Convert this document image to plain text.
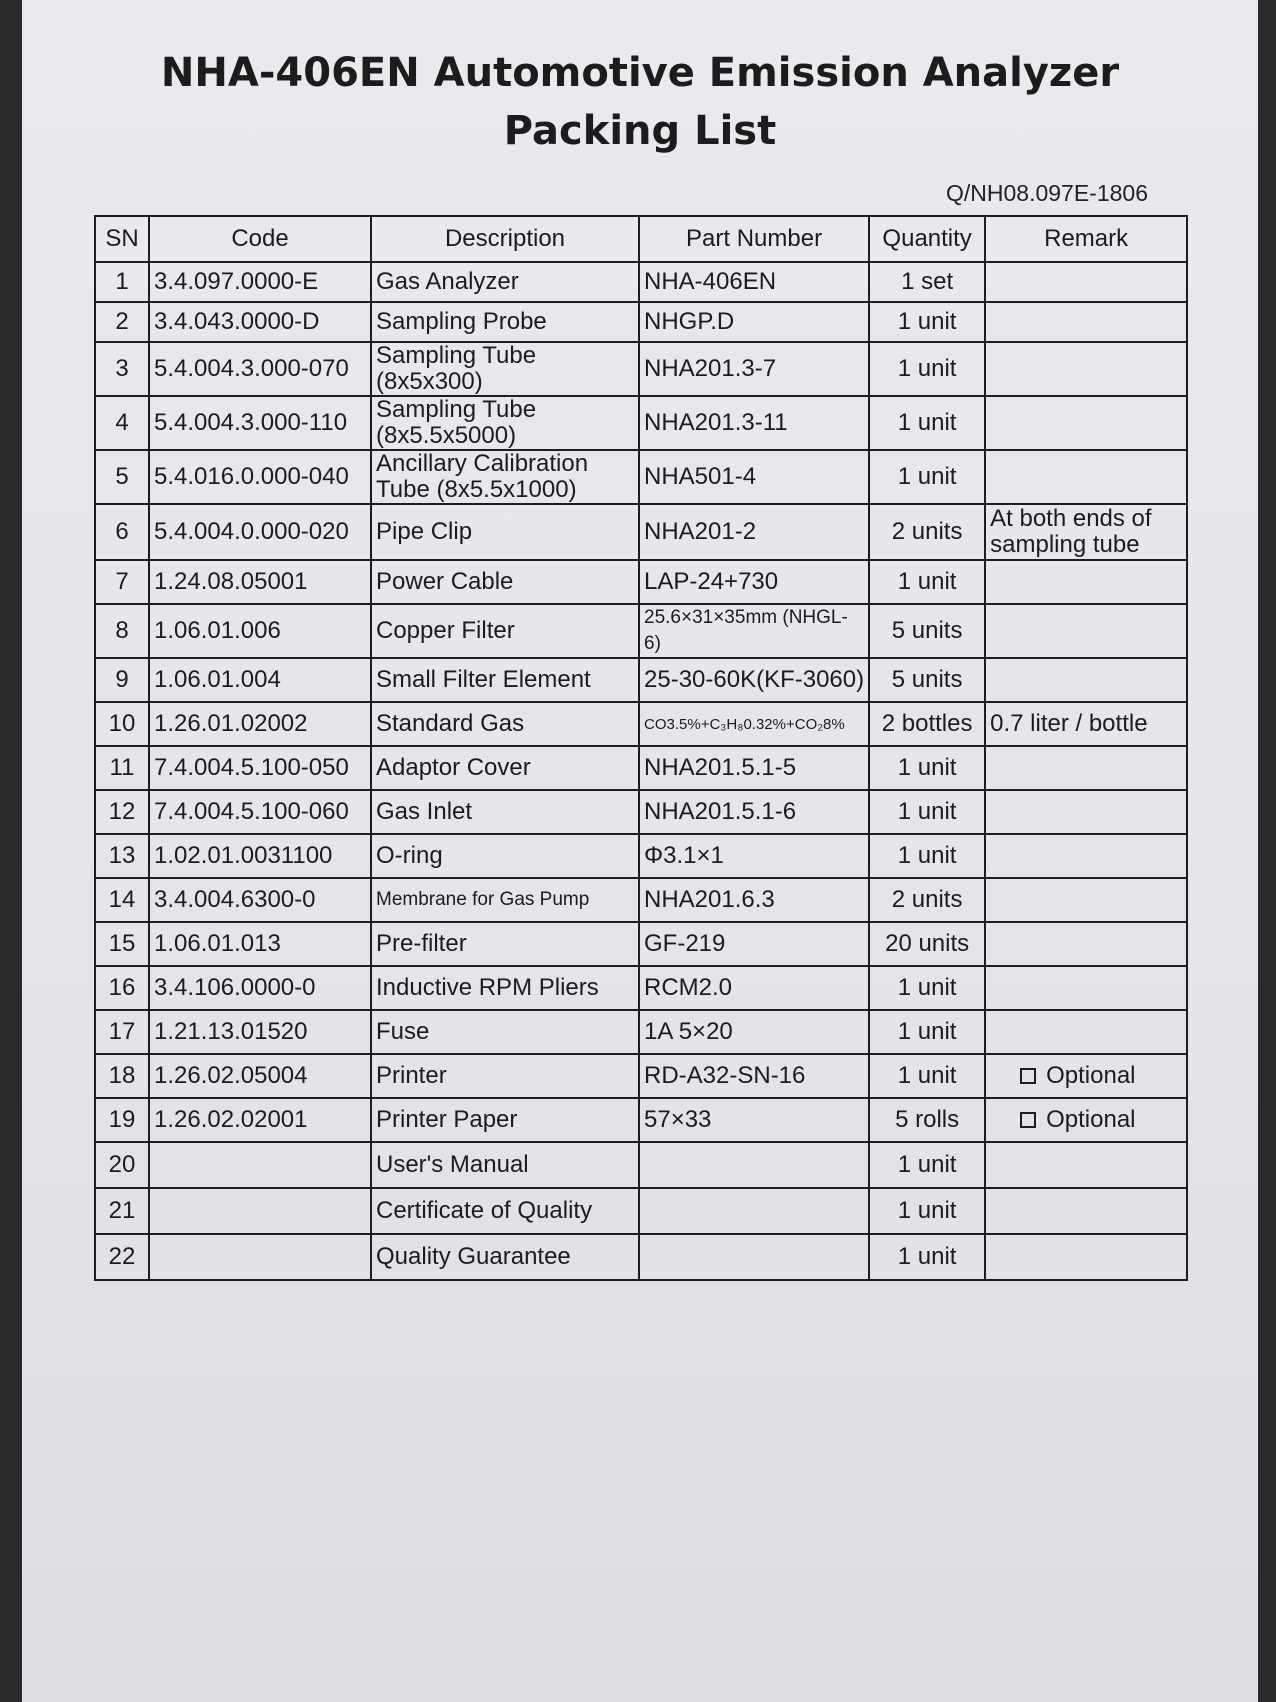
NHA-406EN Automotive Emission Analyzer
Packing List
Q/NH08.097E-1806
SN	Code	Description	Part Number	Quantity	Remark
1	3.4.097.0000-E	Gas Analyzer	NHA-406EN	1 set	
2	3.4.043.0000-D	Sampling Probe	NHGP.D	1 unit	
3	5.4.004.3.000-070	Sampling Tube (8x5x300)	NHA201.3-7	1 unit	
4	5.4.004.3.000-110	Sampling Tube (8x5.5x5000)	NHA201.3-11	1 unit	
5	5.4.016.0.000-040	Ancillary Calibration Tube (8x5.5x1000)	NHA501-4	1 unit	
6	5.4.004.0.000-020	Pipe Clip	NHA201-2	2 units	At both ends of sampling tube
7	1.24.08.05001	Power Cable	LAP-24+730	1 unit	
8	1.06.01.006	Copper Filter	25.6×31×35mm (NHGL-6)	5 units	
9	1.06.01.004	Small Filter Element	25-30-60K(KF-3060)	5 units	
10	1.26.01.02002	Standard Gas	CO3.5%+C₃H₈0.32%+CO₂8%	2 bottles	0.7 liter / bottle
11	7.4.004.5.100-050	Adaptor Cover	NHA201.5.1-5	1 unit	
12	7.4.004.5.100-060	Gas Inlet	NHA201.5.1-6	1 unit	
13	1.02.01.0031100	O-ring	Φ3.1×1	1 unit	
14	3.4.004.6300-0	Membrane for Gas Pump	NHA201.6.3	2 units	
15	1.06.01.013	Pre-filter	GF-219	20 units	
16	3.4.106.0000-0	Inductive RPM Pliers	RCM2.0	1 unit	
17	1.21.13.01520	Fuse	1A 5×20	1 unit	
18	1.26.02.05004	Printer	RD-A32-SN-16	1 unit	Optional
19	1.26.02.02001	Printer Paper	57×33	5 rolls	Optional
20		User's Manual		1 unit	
21		Certificate of Quality		1 unit	
22		Quality Guarantee		1 unit	
